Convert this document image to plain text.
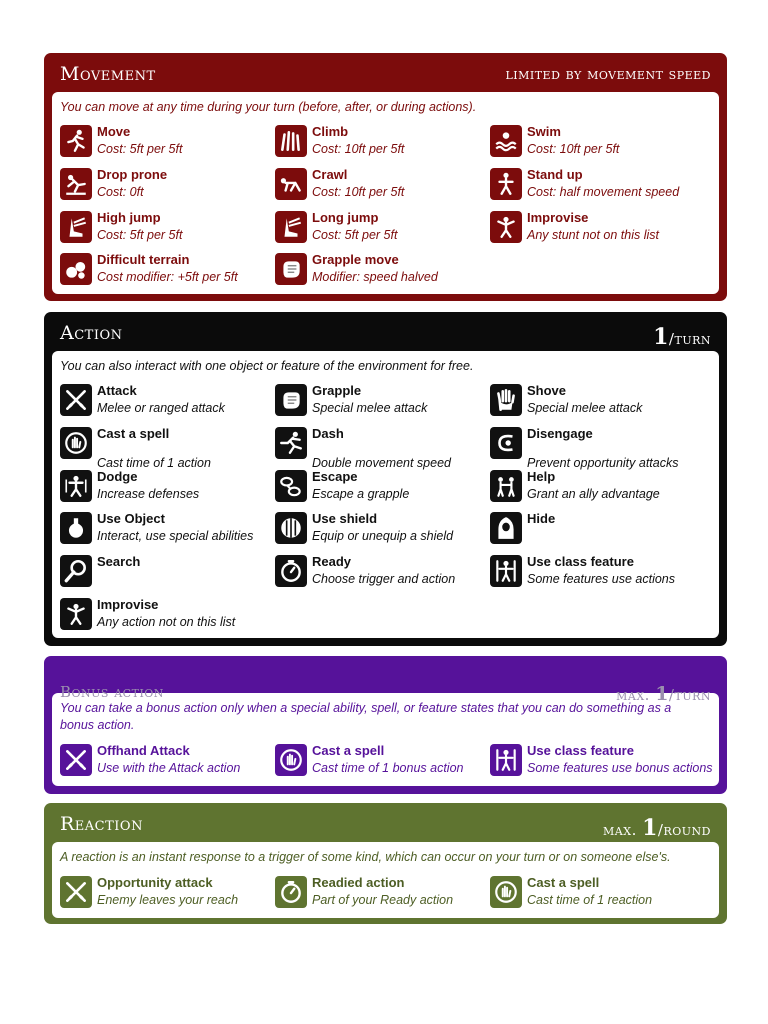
Movement	limited by movement speed
You can move at any time during your turn (before, after, or during actions).
Move
Cost: 5ft per 5ft
Climb
Cost: 10ft per 5ft
Swim
Cost: 10ft per 5ft
Drop prone
Cost: 0ft
Crawl
Cost: 10ft per 5ft
Stand up
Cost: half movement speed
High jump
Cost: 5ft per 5ft
Long jump
Cost: 5ft per 5ft
Improvise
Any stunt not on this list
Difficult terrain
Cost modifier: +5ft per 5ft
Grapple move
Modifier: speed halved
Action	1/turn
You can also interact with one object or feature of the environment for free.
Attack
Melee or ranged attack
Grapple
Special melee attack
Shove
Special melee attack
Cast a spell
Cast time of 1 action
Dash
Double movement speed
Disengage
Prevent opportunity attacks
Dodge
Increase defenses
Escape
Escape a grapple
Help
Grant an ally advantage
Use Object
Interact, use special abilities
Use shield
Equip or unequip a shield
Hide
Search	Ready
Choose trigger and action
Use class feature
Some features use actions
Improvise
Any action not on this list
Bonus action	max. 1/turn
You can take a bonus action only when a special ability, spell, or feature states that you can do something as a bonus action.
Offhand Attack
Use with the Attack action
Cast a spell
Cast time of 1 bonus action
Use class feature
Some features use bonus actions
Reaction	max. 1/round
A reaction is an instant response to a trigger of some kind, which can occur on your turn or on someone else's.
Opportunity attack
Enemy leaves your reach
Readied action
Part of your Ready action
Cast a spell
Cast time of 1 reaction
